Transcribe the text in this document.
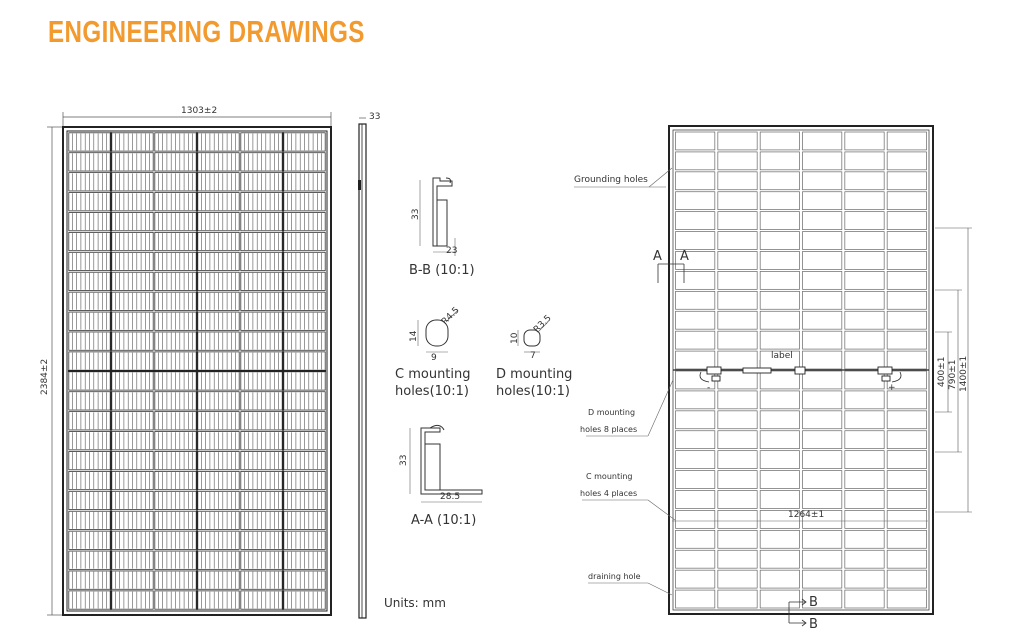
ENGINEERING DRAWINGS
1303±2
2384±2
33
33
23
B-B (10:1)
R4.5
14
9
C mounting
holes(10:1)
R3.5
10
7
D mounting
holes(10:1)
33
28.5
A-A (10:1)
Units: mm
Grounding holes
A A
label
-	+
D mounting
holes 8 places
C mounting
holes 4 places
draining hole
1264±1
400±1 790±1 1400±1
B
B
